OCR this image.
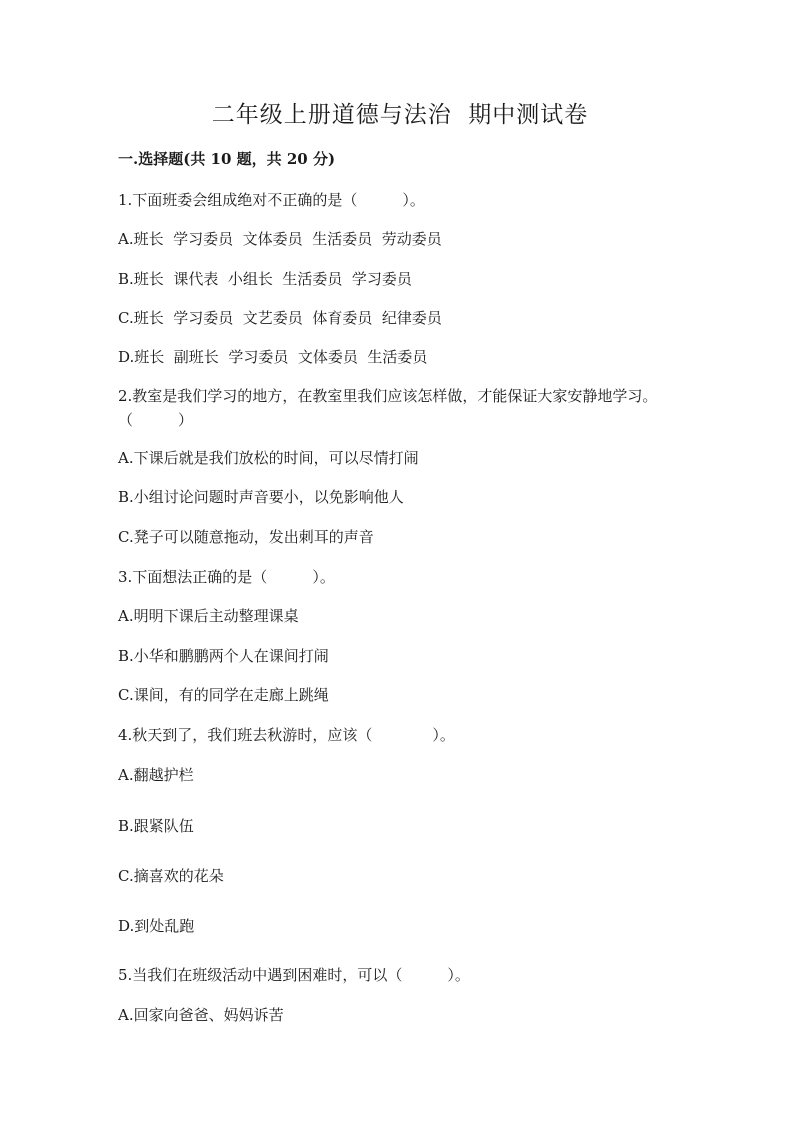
二年级上册道德与法治  期中测试卷
一.选择题(共 10 题，共 20 分)
1.下面班委会组成绝对不正确的是（　　　）。
A.班长  学习委员  文体委员  生活委员  劳动委员
B.班长  课代表  小组长  生活委员  学习委员
C.班长  学习委员  文艺委员  体育委员  纪律委员
D.班长  副班长  学习委员  文体委员  生活委员
2.教室是我们学习的地方，在教室里我们应该怎样做，才能保证大家安静地学习。（　　　）
A.下课后就是我们放松的时间，可以尽情打闹
B.小组讨论问题时声音要小，以免影响他人
C.凳子可以随意拖动，发出刺耳的声音
3.下面想法正确的是（　　　）。
A.明明下课后主动整理课桌
B.小华和鹏鹏两个人在课间打闹
C.课间，有的同学在走廊上跳绳
4.秋天到了，我们班去秋游时，应该（　　　　）。
A.翻越护栏
B.跟紧队伍
C.摘喜欢的花朵
D.到处乱跑
5.当我们在班级活动中遇到困难时，可以（　　　）。
A.回家向爸爸、妈妈诉苦
